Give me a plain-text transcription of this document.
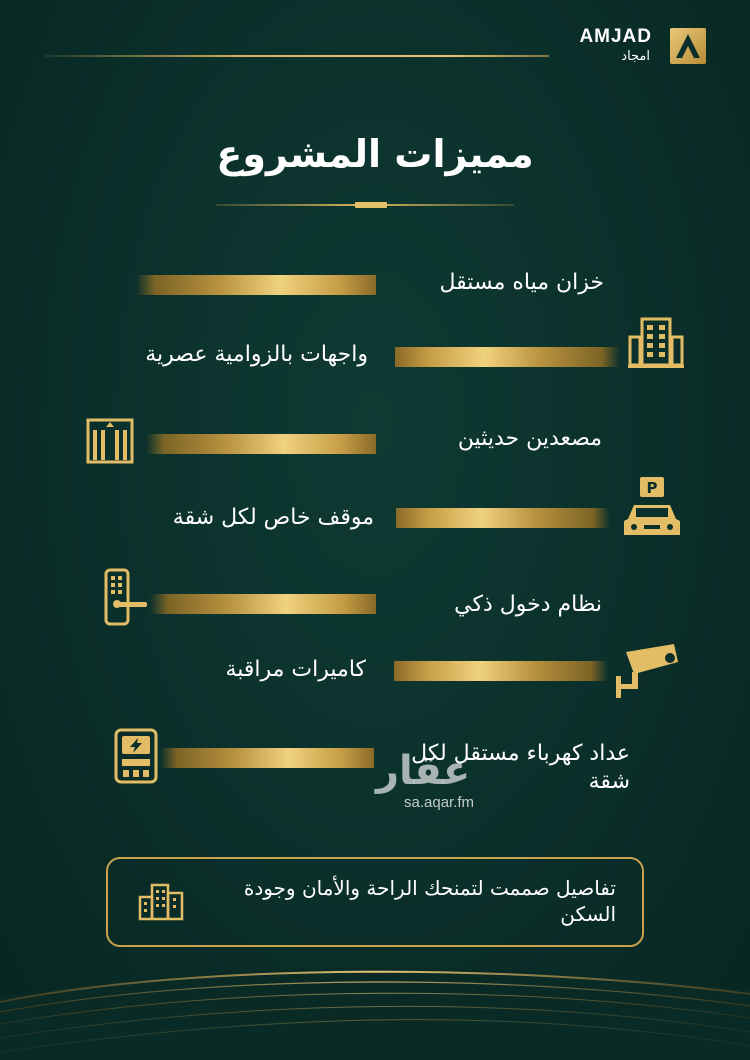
AMJAD
امجاد
مميزات المشروع
خزان مياه مستقل
واجهات بالزوامية عصرية
مصعدين حديثين
P
موقف خاص لكل شقة
نظام دخول ذكي
كاميرات مراقبة
عداد كهرباء مستقل لكل شقة
عقار
sa.aqar.fm
تفاصيل صممت لتمنحك الراحة والأمان وجودة السكن
